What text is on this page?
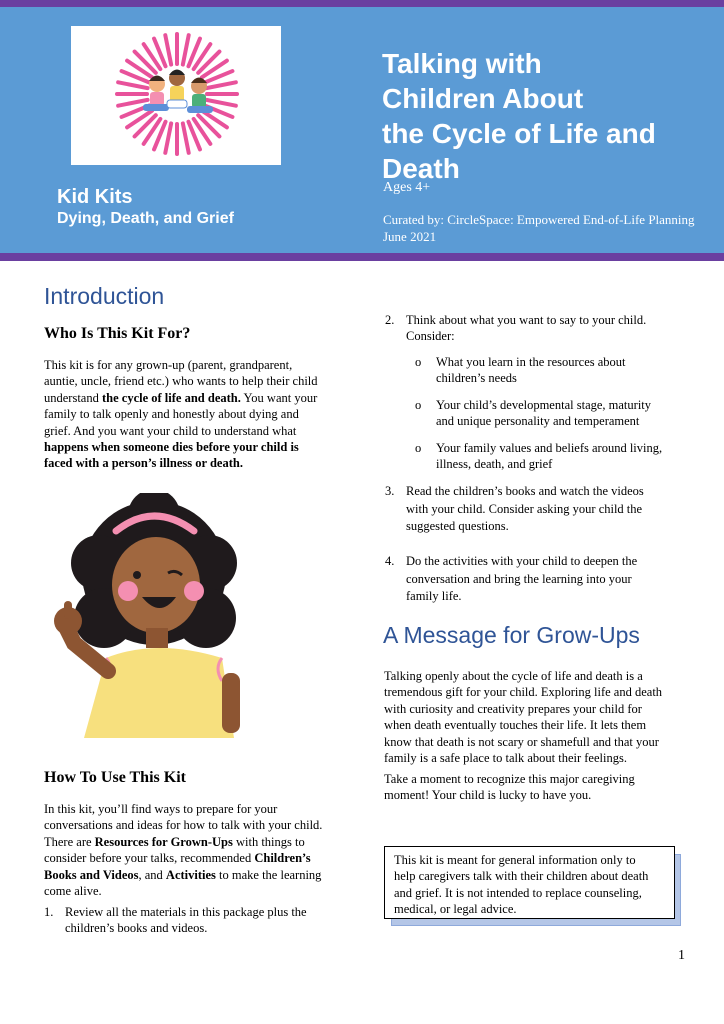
Kid Kits
Dying, Death, and Grief
Talking with
Children About
the Cycle of Life and
Death
Ages 4+
Curated by: CircleSpace: Empowered End-of-Life Planning
June 2021
Introduction
Who Is This Kit For?
This kit is for any grown-up (parent, grandparent,
auntie, uncle, friend etc.) who wants to help their child
understand the cycle of life and death. You want your
family to talk openly and honestly about dying and
grief. And you want your child to understand what
happens when someone dies before your child is
faced with a person’s illness or death.
How To Use This Kit
In this kit, you’ll find ways to prepare for your
conversations and ideas for how to talk with your child.
There are Resources for Grown-Ups with things to
consider before your talks, recommended Children’s
Books and Videos, and Activities to make the learning
come alive.
1. Review all the materials in this package plus the
children’s books and videos.
2. Think about what you want to say to your child.
Consider:
o What you learn in the resources about
children’s needs
o Your child’s developmental stage, maturity
and unique personality and temperament
o Your family values and beliefs around living,
illness, death, and grief
3. Read the children’s books and watch the videos
with your child. Consider asking your child the
suggested questions.
4. Do the activities with your child to deepen the
conversation and bring the learning into your
family life.
A Message for Grow-Ups
Talking openly about the cycle of life and death is a
tremendous gift for your child. Exploring life and death
with curiosity and creativity prepares your child for
when death eventually touches their life. It lets them
know that death is not scary or shamefull and that your
family is a safe place to talk about their feelings.
Take a moment to recognize this major caregiving
moment! Your child is lucky to have you.
This kit is meant for general information only to
help caregivers talk with their children about death
and grief. It is not intended to replace counseling,
medical, or legal advice.
1
